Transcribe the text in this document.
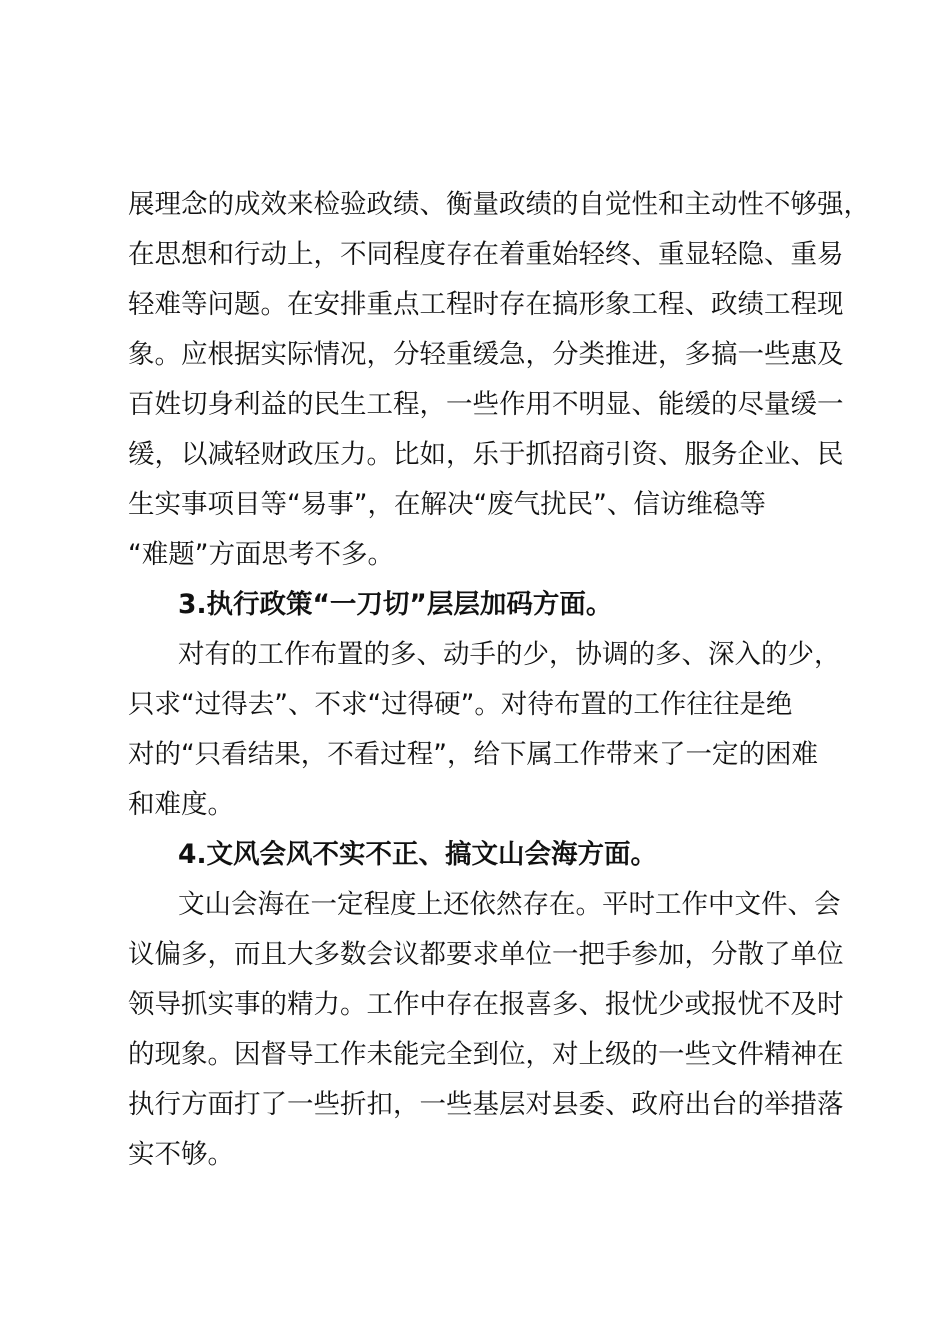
展理念的成效来检验政绩、衡量政绩的自觉性和主动性不够强，
在思想和行动上，不同程度存在着重始轻终、重显轻隐、重易
轻难等问题。在安排重点工程时存在搞形象工程、政绩工程现
象。应根据实际情况，分轻重缓急，分类推进，多搞一些惠及
百姓切身利益的民生工程，一些作用不明显、能缓的尽量缓一
缓，以减轻财政压力。比如，乐于抓招商引资、服务企业、民
生实事项目等“易事”，在解决“废气扰民”、信访维稳等
“难题”方面思考不多。
3.执行政策“一刀切”层层加码方面。
对有的工作布置的多、动手的少，协调的多、深入的少，
只求“过得去”、不求“过得硬”。对待布置的工作往往是绝
对的“只看结果，不看过程”，给下属工作带来了一定的困难
和难度。
4.文风会风不实不正、搞文山会海方面。
文山会海在一定程度上还依然存在。平时工作中文件、会
议偏多，而且大多数会议都要求单位一把手参加，分散了单位
领导抓实事的精力。工作中存在报喜多、报忧少或报忧不及时
的现象。因督导工作未能完全到位，对上级的一些文件精神在
执行方面打了一些折扣，一些基层对县委、政府出台的举措落
实不够。
